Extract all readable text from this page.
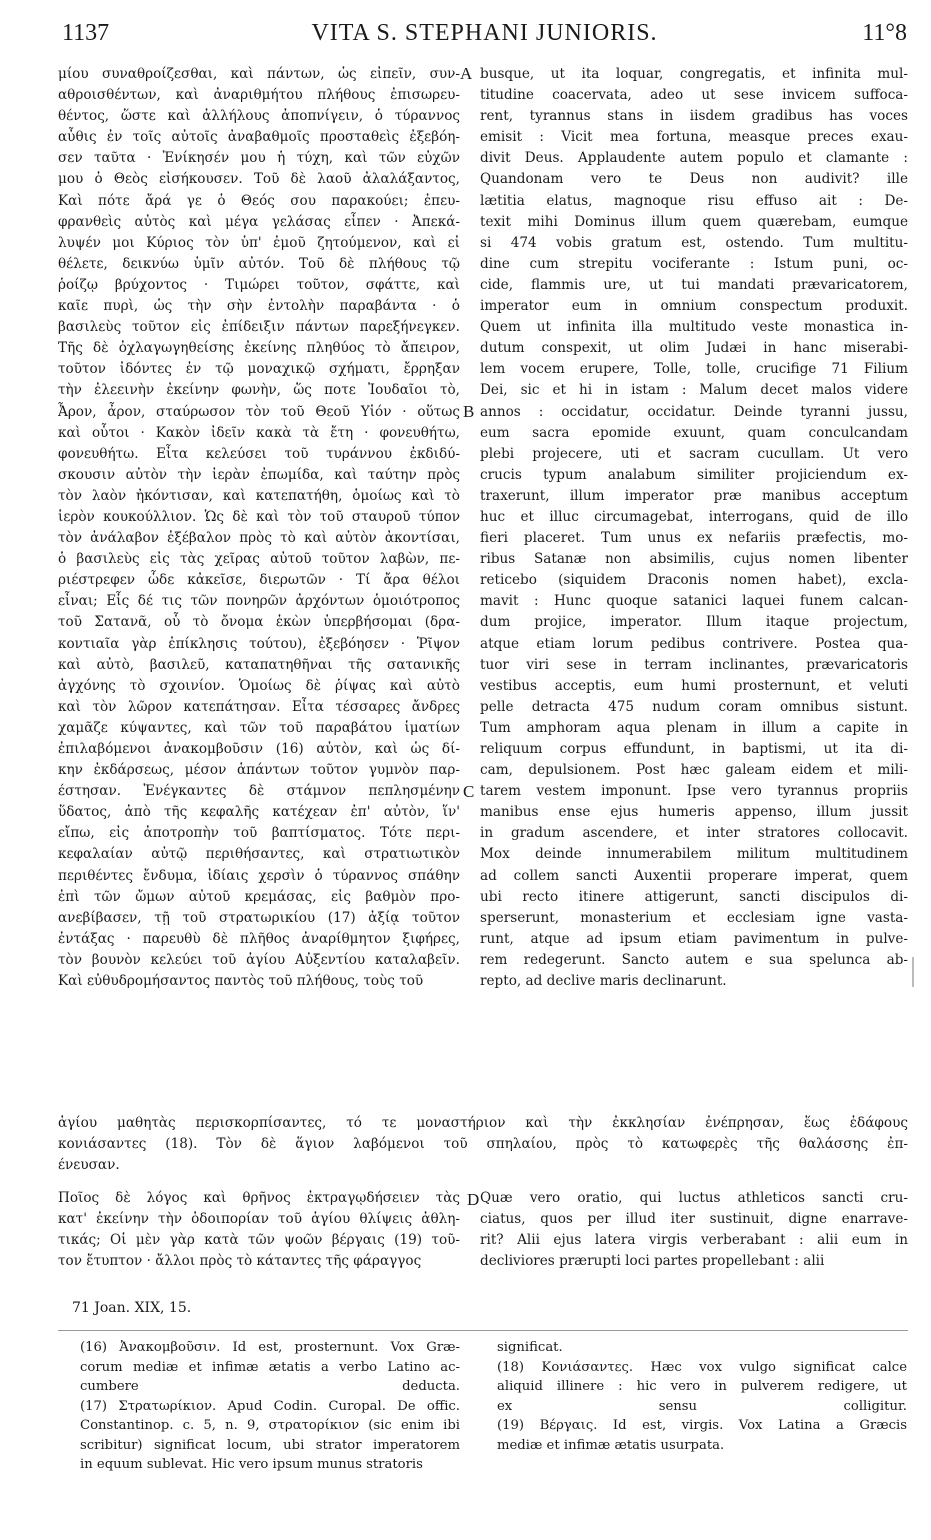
1137	VITA S. STEPHANI JUNIORIS.	11°8
μίου συναθροίζεσθαι, καὶ πάντων, ὡς εἰπεῖν, συν-
αθροισθέντων, καὶ ἀναριθμήτου πλήθους ἐπισωρευ-
θέντος, ὥστε καὶ ἀλλήλους ἀποπνίγειν, ὁ τύραννος
αὖθις ἐν τοῖς αὐτοῖς ἀναβαθμοῖς προσταθεὶς ἐξεβόη-
σεν ταῦτα · Ἐνίκησέν μου ἡ τύχη, καὶ τῶν εὐχῶν
μου ὁ Θεὸς εἰσήκουσεν. Τοῦ δὲ λαοῦ ἀλαλάξαντος,
Καὶ πότε ἄρά γε ὁ Θεός σου παρακούει; ἐπευ-
φρανθεὶς αὐτὸς καὶ μέγα γελάσας εἶπεν · Ἀπεκά-
λυψέν μοι Κύριος τὸν ὑπ' ἐμοῦ ζητούμενον, καὶ εἰ
θέλετε, δεικνύω ὑμῖν αὐτόν. Τοῦ δὲ πλήθους τῷ
ῥοίζῳ βρύχοντος · Τιμώρει τοῦτον, σφάττε, καὶ
καῖε πυρὶ, ὡς τὴν σὴν ἐντολὴν παραβάντα · ὁ
βασιλεὺς τοῦτον εἰς ἐπίδειξιν πάντων παρεξήνεγκεν.
Τῆς δὲ ὀχλαγωγηθείσης ἐκείνης πληθύος τὸ ἄπειρον,
τοῦτον ἰδόντες ἐν τῷ μοναχικῷ σχήματι, ἔρρηξαν
τὴν ἐλεεινὴν ἐκείνην φωνὴν, ὥς ποτε Ἰουδαῖοι τὸ,
Ἆρον, ἆρον, σταύρωσον τὸν τοῦ Θεοῦ Υἱόν · οὕτως
καὶ οὗτοι · Κακὸν ἰδεῖν κακὰ τὰ ἔτη · φονευθήτω,
φονευθήτω. Εἶτα κελεύσει τοῦ τυράννου ἐκδιδύ-
σκουσιν αὐτὸν τὴν ἱερὰν ἐπωμίδα, καὶ ταύτην πρὸς
τὸν λαὸν ἠκόντισαν, καὶ κατεπατήθη, ὁμοίως καὶ τὸ
ἱερὸν κουκούλλιον. Ὡς δὲ καὶ τὸν τοῦ σταυροῦ τύπον
τὸν ἀνάλαβον ἐξέβαλον πρὸς τὸ καὶ αὐτὸν ἀκοντίσαι,
ὁ βασιλεὺς εἰς τὰς χεῖρας αὐτοῦ τοῦτον λαβὼν, πε-
ριέστρεφεν ὧδε κἀκεῖσε, διερωτῶν · Τί ἄρα θέλοι
εἶναι; Εἷς δέ τις τῶν πονηρῶν ἀρχόντων ὁμοιότροπος
τοῦ Σατανᾶ, οὗ τὸ ὄνομα ἑκὼν ὑπερβήσομαι (δρα-
κοντιαῖα γὰρ ἐπίκλησις τούτου), ἐξεβόησεν · Ῥῖψον
καὶ αὐτὸ, βασιλεῦ, καταπατηθῆναι τῆς σατανικῆς
ἀγχόνης τὸ σχοινίον. Ὁμοίως δὲ ῥίψας καὶ αὐτὸ
καὶ τὸν λῶρον κατεπάτησαν. Εἶτα τέσσαρες ἄνδρες
χαμᾶζε κύψαντες, καὶ τῶν τοῦ παραβάτου ἱματίων
ἐπιλαβόμενοι ἀνακομβοῦσιν (16) αὐτὸν, καὶ ὡς δί-
κην ἐκδάρσεως, μέσον ἁπάντων τοῦτον γυμνὸν παρ-
έστησαν. Ἐνέγκαντες δὲ στάμνον πεπλησμένην
ὕδατος, ἀπὸ τῆς κεφαλῆς κατέχεαν ἐπ' αὐτὸν, ἵν'
εἴπω, εἰς ἀποτροπὴν τοῦ βαπτίσματος. Τότε περι-
κεφαλαίαν αὐτῷ περιθήσαντες, καὶ στρατιωτικὸν
περιθέντες ἔνδυμα, ἰδίαις χερσὶν ὁ τύραννος σπάθην
ἐπὶ τῶν ὤμων αὐτοῦ κρεμάσας, εἰς βαθμὸν προ-
ανεβίβασεν, τῇ τοῦ στρατωρικίου (17) ἀξίᾳ τοῦτον
ἐντάξας · παρευθὺ δὲ πλῆθος ἀναρίθμητον ξιφήρες,
τὸν βουνὸν κελεύει τοῦ ἁγίου Αὐξεντίου καταλαβεῖν.
Καὶ εὐθυδρομήσαντος παντὸς τοῦ πλήθους, τοὺς τοῦ
busque, ut ita loquar, congregatis, et infinita mul-
titudine coacervata, adeo ut sese invicem suffoca-
rent, tyrannus stans in iisdem gradibus has voces
emisit : Vicit mea fortuna, measque preces exau-
divit Deus. Applaudente autem populo et clamante :
Quandonam vero te Deus non audivit? ille
lætitia elatus, magnoque risu effuso ait : De-
texit mihi Dominus illum quem quærebam, eumque
si 474 vobis gratum est, ostendo. Tum multitu-
dine cum strepitu vociferante : Istum puni, oc-
cide, flammis ure, ut tui mandati prævaricatorem,
imperator eum in omnium conspectum produxit.
Quem ut infinita illa multitudo veste monastica in-
dutum conspexit, ut olim Judæi in hanc miserabi-
lem vocem erupere, Tolle, tolle, crucifige 71 Filium
Dei, sic et hi in istam : Malum decet malos videre
annos : occidatur, occidatur. Deinde tyranni jussu,
eum sacra epomide exuunt, quam conculcandam
plebi projecere, uti et sacram cucullam. Ut vero
crucis typum analabum similiter projiciendum ex-
traxerunt, illum imperator præ manibus acceptum
huc et illuc circumagebat, interrogans, quid de illo
fieri placeret. Tum unus ex nefariis præfectis, mo-
ribus Satanæ non absimilis, cujus nomen libenter
reticebo (siquidem Draconis nomen habet), excla-
mavit : Hunc quoque satanici laquei funem calcan-
dum projice, imperator. Illum itaque projectum,
atque etiam lorum pedibus contrivere. Postea qua-
tuor viri sese in terram inclinantes, prævaricatoris
vestibus acceptis, eum humi prosternunt, et veluti
pelle detracta 475 nudum coram omnibus sistunt.
Tum amphoram aqua plenam in illum a capite in
reliquum corpus effundunt, in baptismi, ut ita di-
cam, depulsionem. Post hæc galeam eidem et mili-
tarem vestem imponunt. Ipse vero tyrannus propriis
manibus ense ejus humeris appenso, illum jussit
in gradum ascendere, et inter stratores collocavit.
Mox deinde innumerabilem militum multitudinem
ad collem sancti Auxentii properare imperat, quem
ubi recto itinere attigerunt, sancti discipulos di-
sperserunt, monasterium et ecclesiam igne vasta-
runt, atque ad ipsum etiam pavimentum in pulve-
rem redegerunt. Sancto autem e sua spelunca ab-
repto, ad declive maris declinarunt.
A
B
C
D
ἁγίου μαθητὰς περισκορπίσαντες, τό τε μοναστήριον καὶ τὴν ἐκκλησίαν ἐνέπρησαν, ἕως ἐδάφους
κονιάσαντες (18). Τὸν δὲ ἅγιον λαβόμενοι τοῦ σπηλαίου, πρὸς τὸ κατωφερὲς τῆς θαλάσσης ἐπ-
ένευσαν.
Ποῖος δὲ λόγος καὶ θρῆνος ἐκτραγῳδήσειεν τὰς
κατ' ἐκείνην τὴν ὁδοιπορίαν τοῦ ἁγίου θλίψεις ἀθλη-
τικάς; Οἱ μὲν γὰρ κατὰ τῶν ψοῶν βέργαις (19) τοῦ-
τον ἔτυπτον · ἄλλοι πρὸς τὸ κάταντες τῆς φάραγγος
Quæ vero oratio, qui luctus athleticos sancti cru-
ciatus, quos per illud iter sustinuit, digne enarrave-
rit? Alii ejus latera virgis verberabant : alii eum in
decliviores prærupti loci partes propellebant : alii
71 Joan. XIX, 15.
(16) Ἀνακομβοῦσιν. Id est, prosternunt. Vox Græ-
corum mediæ et infimæ ætatis a verbo Latino ac-
cumbere deducta.
(17) Στρατωρίκιον. Apud Codin. Curopal. De offic.
Constantinop. c. 5, n. 9, στρατορίκιον (sic enim ibi
scribitur) significat locum, ubi strator imperatorem
in equum sublevat. Hic vero ipsum munus stratoris
significat.
(18) Κονιάσαντες. Hæc vox vulgo significat calce
aliquid illinere : hic vero in pulverem redigere, ut
ex sensu colligitur.
(19) Βέργαις. Id est, virgis. Vox Latina a Græcis
mediæ et infimæ ætatis usurpata.
